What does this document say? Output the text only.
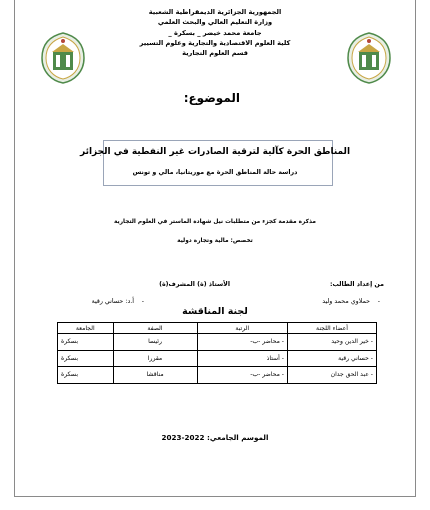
الجمهورية الجزائرية الديمقراطية الشعبية
وزارة التعليم العالي والبحث العلمي
جامعة محمد خيضر _ بسكرة _
كلية العلوم الاقتصادية والتجارية وعلوم التسيير
قسم العلوم التجارية
الموضوع:
المناطق الحرة كآلية لترقية الصادرات غير النفطية في الجزائر
دراسة حالة المناطق الحرة مع موريتانيا، مالي و تونس
مذكرة مقدمة كجزء من متطلبات نيل شهادة الماستر في العلوم التجارية
تخصص: مالية وتجارة دولية
من إعداد الطالب:
الأستاذ (ة) المشرف(ة)
-
حملاوي محمد وليد
-
أ.د: حساني رقية
لجنة المناقشة
أعضاء اللجنة	الرتبة	الصفة	الجامعة
- خير الدين وحيد	- محاضر -ب-	رئيسا	بسكرة
- حساني رقية	- أستاذ	مقررا	بسكرة
- عبد الحق جدان	- محاضر -ب-	مناقشا	بسكرة
الموسم الجامعي: 2022-2023
